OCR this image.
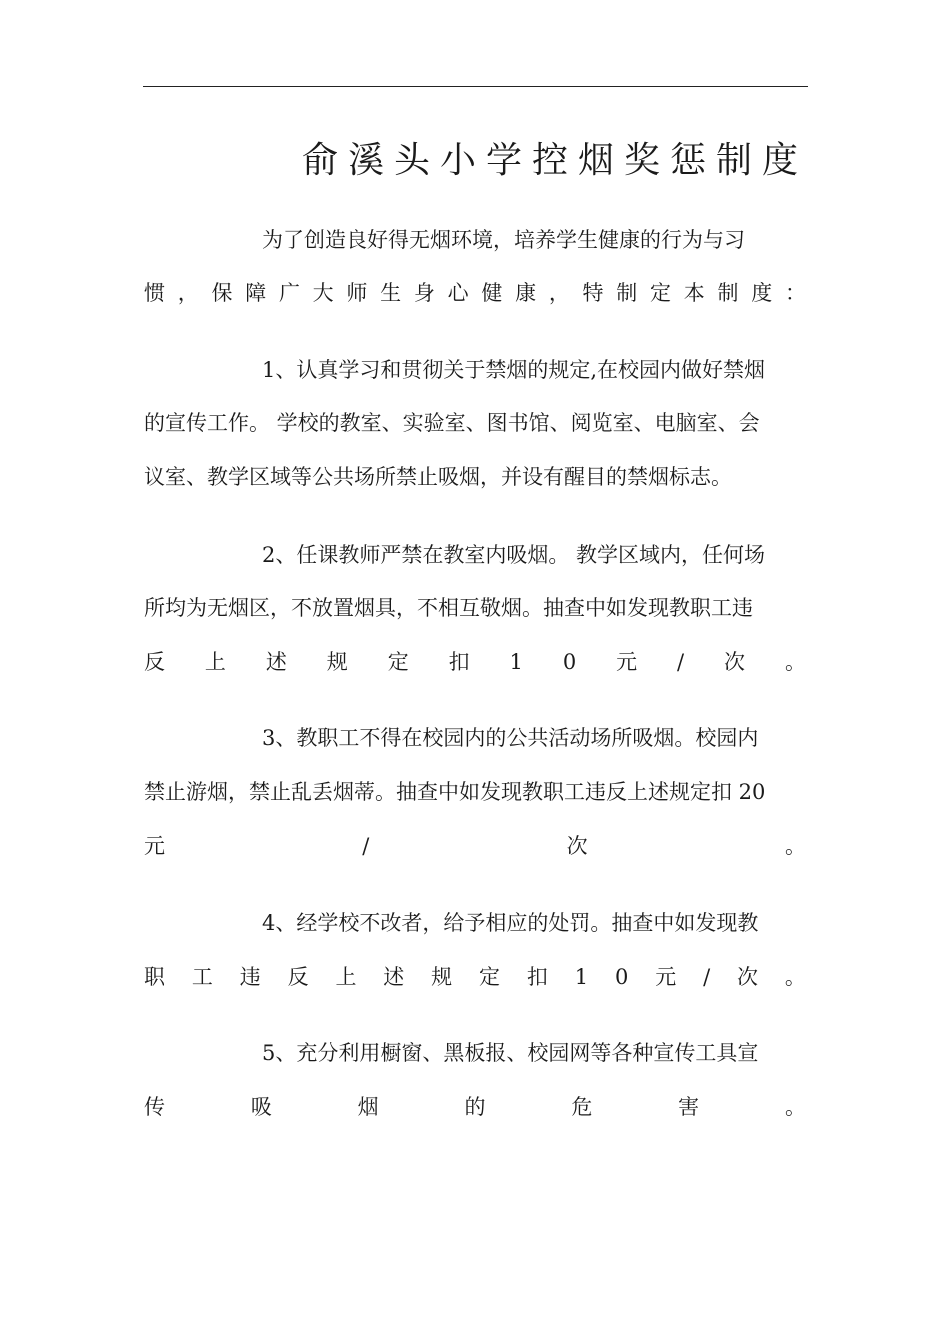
俞溪头小学控烟奖惩制度
为了创造良好得无烟环境，培养学生健康的行为与习
惯 ， 保 障 广 大 师 生 身 心 健 康 ， 特 制 定 本 制 度 ：
1、认真学习和贯彻关于禁烟的规定,在校园内做好禁烟
的宣传工作。 学校的教室、实验室、图书馆、阅览室、电脑室、会
议室、教学区域等公共场所禁止吸烟，并设有醒目的禁烟标志。
2、任课教师严禁在教室内吸烟。 教学区域内，任何场
所均为无烟区，不放置烟具，不相互敬烟。抽查中如发现教职工违
反 上 述 规 定 扣 1 0 元 / 次 。
3、教职工不得在校园内的公共活动场所吸烟。校园内
禁止游烟，禁止乱丢烟蒂。抽查中如发现教职工违反上述规定扣 20
元	/	次	。
4、经学校不改者，给予相应的处罚。抽查中如发现教
职 工 违 反 上 述 规 定 扣 1 0 元 / 次 。
5、充分利用橱窗、黑板报、校园网等各种宣传工具宣
传	吸	烟	的	危	害	。
